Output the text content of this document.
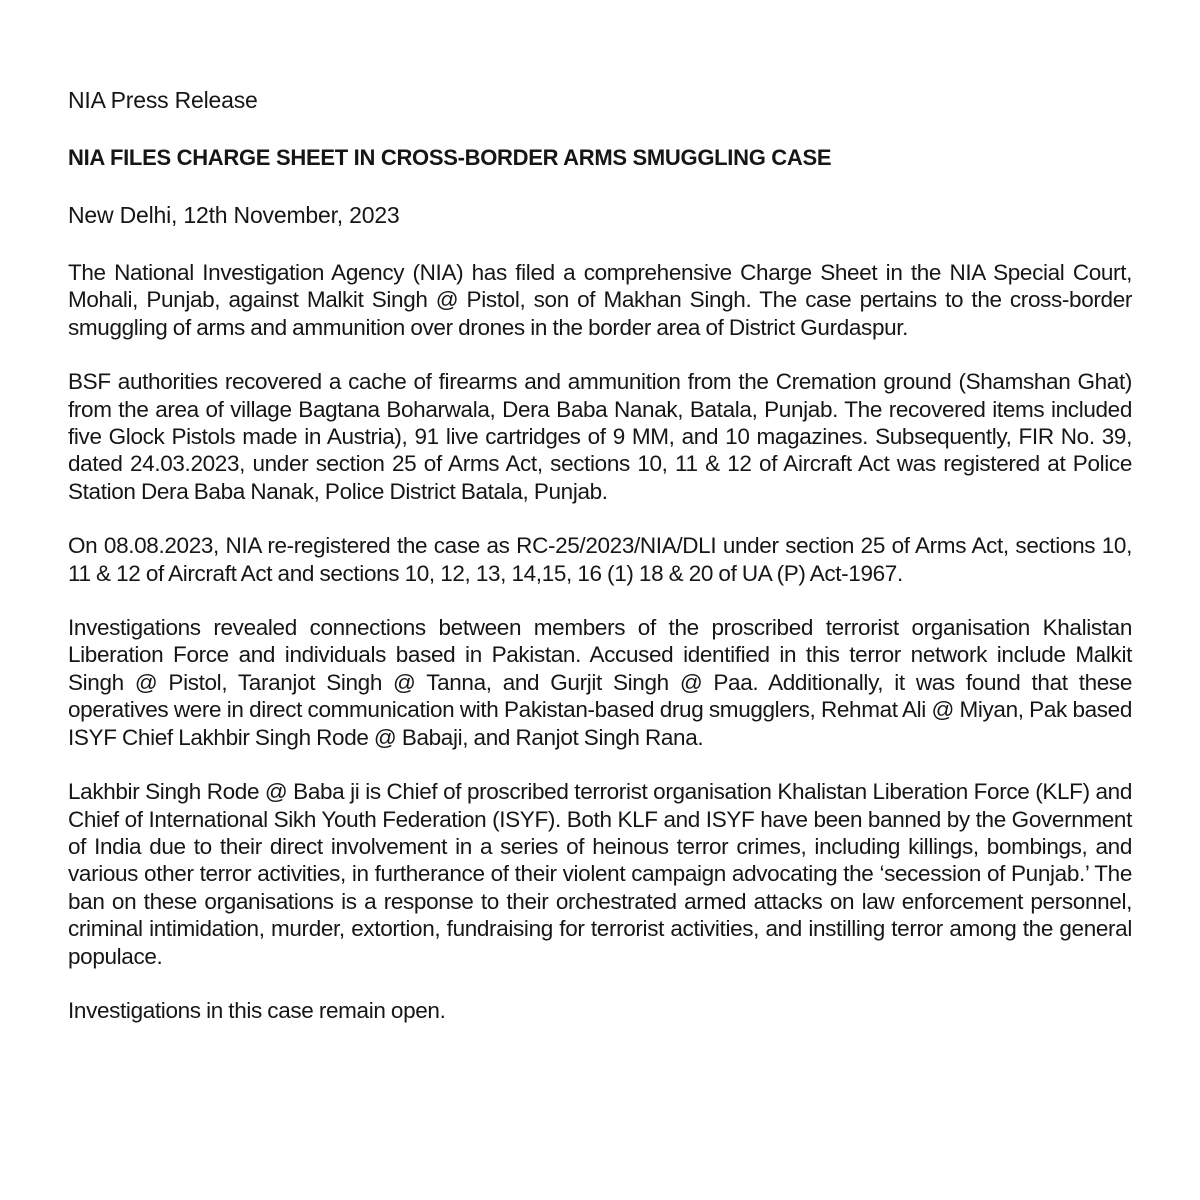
NIA Press Release

NIA FILES CHARGE SHEET IN CROSS-BORDER ARMS SMUGGLING CASE

New Delhi, 12th November, 2023

The National Investigation Agency (NIA) has filed a comprehensive Charge Sheet in the NIA Special Court, Mohali, Punjab, against Malkit Singh @ Pistol, son of Makhan Singh. The case pertains to the cross-border smuggling of arms and ammunition over drones in the border area of District Gurdaspur.

BSF authorities recovered a cache of firearms and ammunition from the Cremation ground (Shamshan Ghat) from the area of village Bagtana Boharwala, Dera Baba Nanak, Batala, Punjab. The recovered items included five Glock Pistols made in Austria), 91 live cartridges of 9 MM, and 10 magazines. Subsequently, FIR No. 39, dated 24.03.2023, under section 25 of Arms Act, sections 10, 11 & 12 of Aircraft Act was registered at Police Station Dera Baba Nanak, Police District Batala, Punjab.

On 08.08.2023, NIA re-registered the case as RC-25/2023/NIA/DLI under section 25 of Arms Act, sections 10, 11 & 12 of Aircraft Act and sections 10, 12, 13, 14,15, 16 (1) 18 & 20 of UA (P) Act-1967.

Investigations revealed connections between members of the proscribed terrorist organisation Khalistan Liberation Force and individuals based in Pakistan. Accused identified in this terror network include Malkit Singh @ Pistol, Taranjot Singh @ Tanna, and Gurjit Singh @ Paa. Additionally, it was found that these operatives were in direct communication with Pakistan-based drug smugglers, Rehmat Ali @ Miyan, Pak based ISYF Chief Lakhbir Singh Rode @ Babaji, and Ranjot Singh Rana.

Lakhbir Singh Rode @ Baba ji is Chief of proscribed terrorist organisation Khalistan Liberation Force (KLF) and Chief of International Sikh Youth Federation (ISYF). Both KLF and ISYF have been banned by the Government of India due to their direct involvement in a series of heinous terror crimes, including killings, bombings, and various other terror activities, in furtherance of their violent campaign advocating the ‘secession of Punjab.’ The ban on these organisations is a response to their orchestrated armed attacks on law enforcement personnel, criminal intimidation, murder, extortion, fundraising for terrorist activities, and instilling terror among the general populace.

Investigations in this case remain open.
